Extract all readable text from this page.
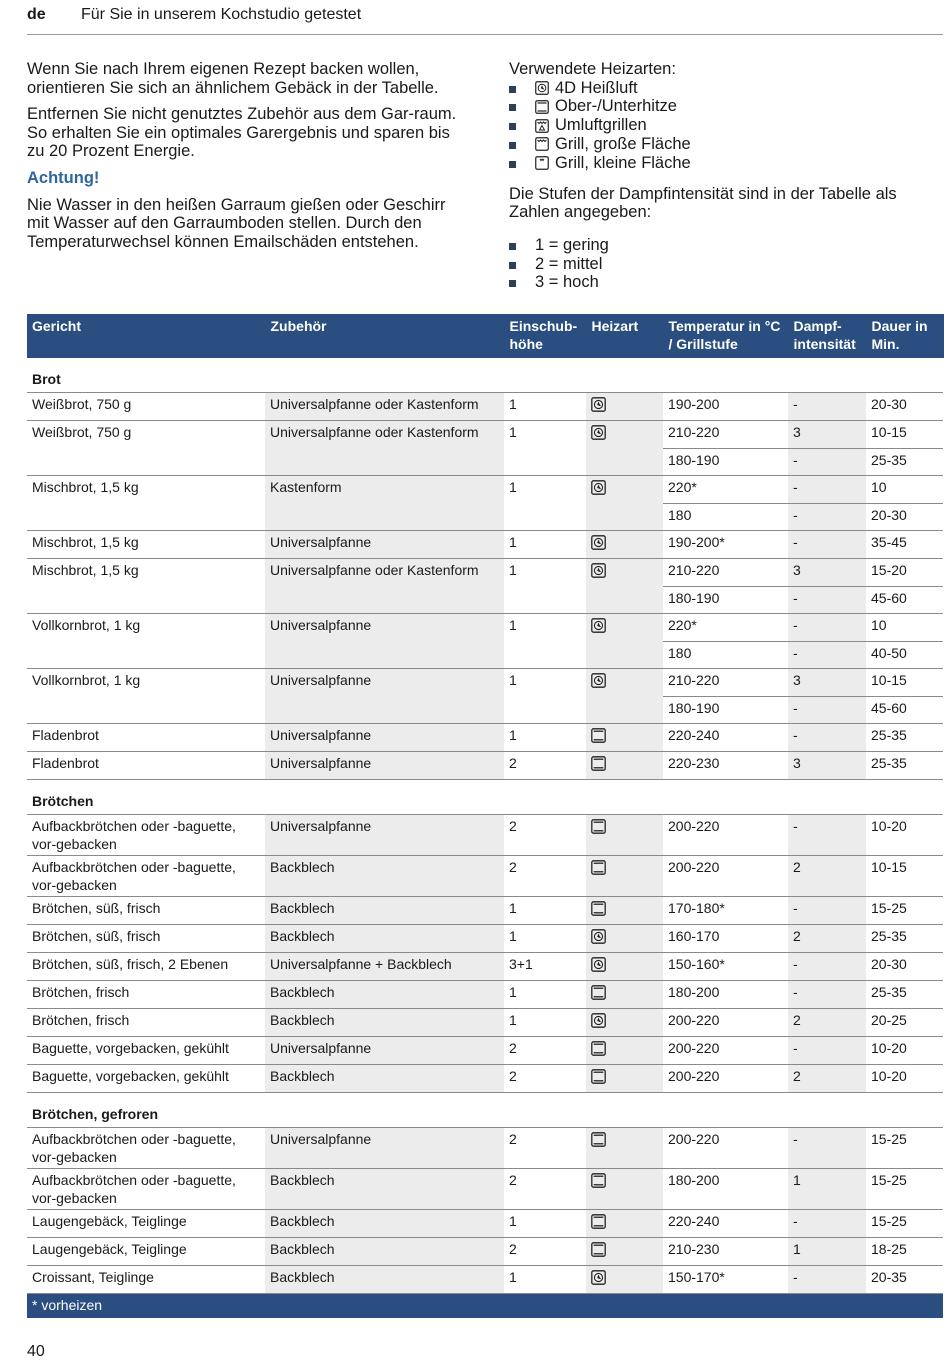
de Für Sie in unserem Kochstudio getestet

Wenn Sie nach Ihrem eigenen Rezept backen wollen, orientieren Sie sich an ähnlichem Gebäck in der Tabelle.

Entfernen Sie nicht genutztes Zubehör aus dem Gar-raum. So erhalten Sie ein optimales Garergebnis und sparen bis zu 20 Prozent Energie.

Achtung!

Nie Wasser in den heißen Garraum gießen oder Geschirr mit Wasser auf den Garraumboden stellen. Durch den Temperaturwechsel können Emailschäden entstehen.

Verwendete Heizarten:

4D Heißluft
Ober-/Unterhitze
Umluftgrillen
Grill, große Fläche
Grill, kleine Fläche

Die Stufen der Dampfintensität sind in der Tabelle als Zahlen angegeben:

1 = gering
2 = mittel
3 = hoch
Gericht	Zubehör	Einschub-höhe	Heizart	Temperatur in °C / Grillstufe	Dampf-intensität	Dauer in Min.
Brot						
Weißbrot, 750 g	Universalpfanne oder Kastenform	1		190-200	-	20-30
Weißbrot, 750 g	Universalpfanne oder Kastenform	1		210-220	3	10-15
				180-190	-	25-35
Mischbrot, 1,5 kg	Kastenform	1		220*	-	10
				180	-	20-30
Mischbrot, 1,5 kg	Universalpfanne	1		190-200*	-	35-45
Mischbrot, 1,5 kg	Universalpfanne oder Kastenform	1		210-220	3	15-20
				180-190	-	45-60
Vollkornbrot, 1 kg	Universalpfanne	1		220*	-	10
				180	-	40-50
Vollkornbrot, 1 kg	Universalpfanne	1		210-220	3	10-15
				180-190	-	45-60
Fladenbrot	Universalpfanne	1		220-240	-	25-35
Fladenbrot	Universalpfanne	2		220-230	3	25-35
Brötchen						
Aufbackbrötchen oder -baguette, vor-gebacken	Universalpfanne	2		200-220	-	10-20
Aufbackbrötchen oder -baguette, vor-gebacken	Backblech	2		200-220	2	10-15
Brötchen, süß, frisch	Backblech	1		170-180*	-	15-25
Brötchen, süß, frisch	Backblech	1		160-170	2	25-35
Brötchen, süß, frisch, 2 Ebenen	Universalpfanne + Backblech	3+1		150-160*	-	20-30
Brötchen, frisch	Backblech	1		180-200	-	25-35
Brötchen, frisch	Backblech	1		200-220	2	20-25
Baguette, vorgebacken, gekühlt	Universalpfanne	2		200-220	-	10-20
Baguette, vorgebacken, gekühlt	Backblech	2		200-220	2	10-20
Brötchen, gefroren						
Aufbackbrötchen oder -baguette, vor-gebacken	Universalpfanne	2		200-220	-	15-25
Aufbackbrötchen oder -baguette, vor-gebacken	Backblech	2		180-200	1	15-25
Laugengebäck, Teiglinge	Backblech	1		220-240	-	15-25
Laugengebäck, Teiglinge	Backblech	2		210-230	1	18-25
Croissant, Teiglinge	Backblech	1		150-170*	-	20-35
* vorheizen						
40
